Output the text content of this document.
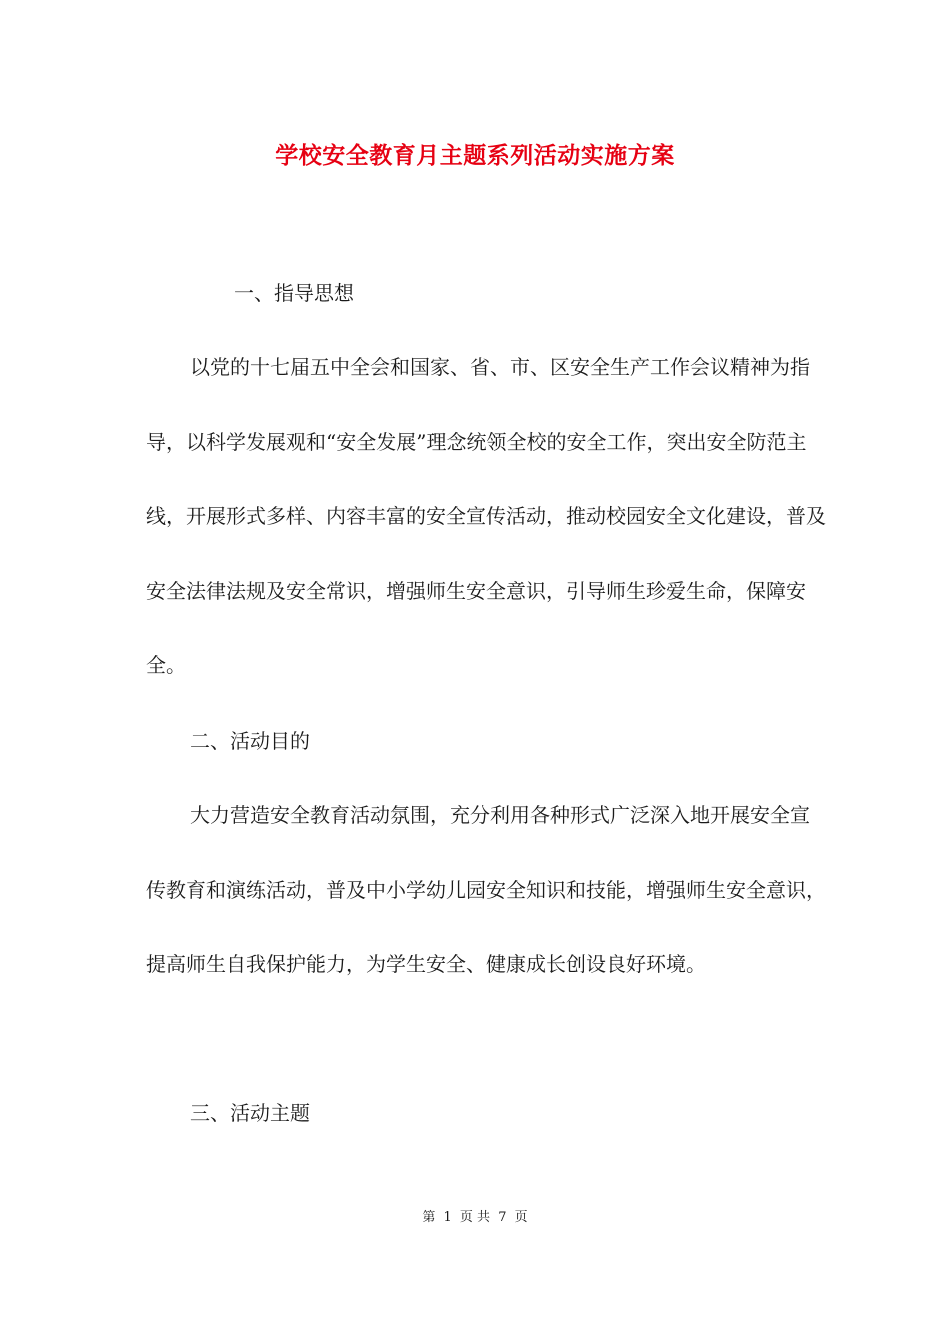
学校安全教育月主题系列活动实施方案
一、指导思想
以党的十七届五中全会和国家、省、市、区安全生产工作会议精神为指导，以科学发展观和“安全发展”理念统领全校的安全工作，突出安全防范主线，开展形式多样、内容丰富的安全宣传活动，推动校园安全文化建设，普及安全法律法规及安全常识，增强师生安全意识，引导师生珍爱生命，保障安全。
二、活动目的
大力营造安全教育活动氛围，充分利用各种形式广泛深入地开展安全宣传教育和演练活动，普及中小学幼儿园安全知识和技能，增强师生安全意识，提高师生自我保护能力，为学生安全、健康成长创设良好环境。
三、活动主题
第 1 页 共 7 页
